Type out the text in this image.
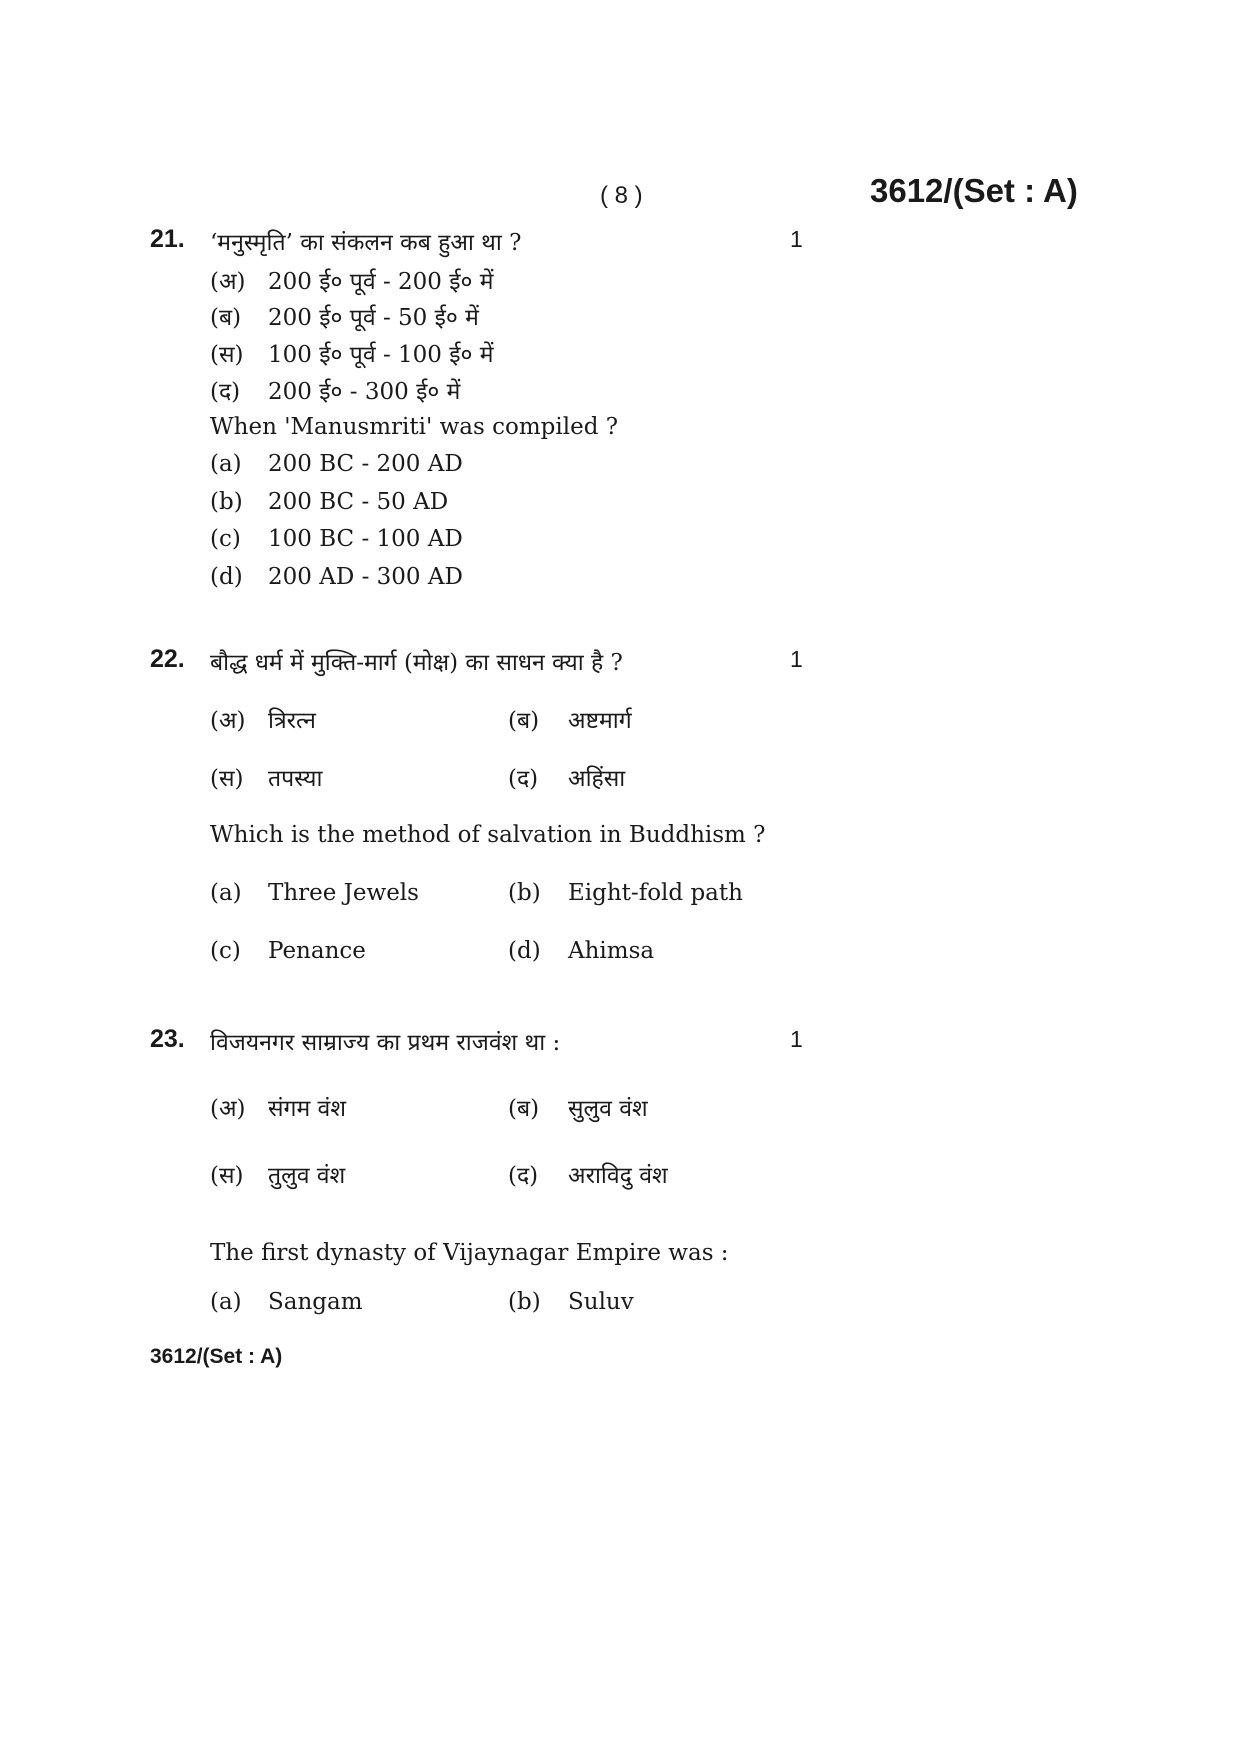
( 8 )	3612/(Set : A)
21. ‘मनुस्मृति’ का संकलन कब हुआ था ?	1
(अ) 200 ई० पूर्व - 200 ई० में
(ब) 200 ई० पूर्व - 50 ई० में
(स) 100 ई० पूर्व - 100 ई० में
(द) 200 ई० - 300 ई० में
When 'Manusmriti' was compiled ?
(a) 200 BC - 200 AD
(b) 200 BC - 50 AD
(c) 100 BC - 100 AD
(d) 200 AD - 300 AD
22. बौद्ध धर्म में मुक्ति-मार्ग (मोक्ष) का साधन क्या है ?	1
(अ) त्रिरत्न	(ब) अष्टमार्ग
(स) तपस्या	(द) अहिंसा
Which is the method of salvation in Buddhism ?
(a) Three Jewels	(b) Eight-fold path
(c) Penance	(d) Ahimsa
23. विजयनगर साम्राज्य का प्रथम राजवंश था :	1
(अ) संगम वंश	(ब) सुलुव वंश
(स) तुलुव वंश	(द) अराविदु वंश
The first dynasty of Vijaynagar Empire was :
(a) Sangam	(b) Suluv
3612/(Set : A)
